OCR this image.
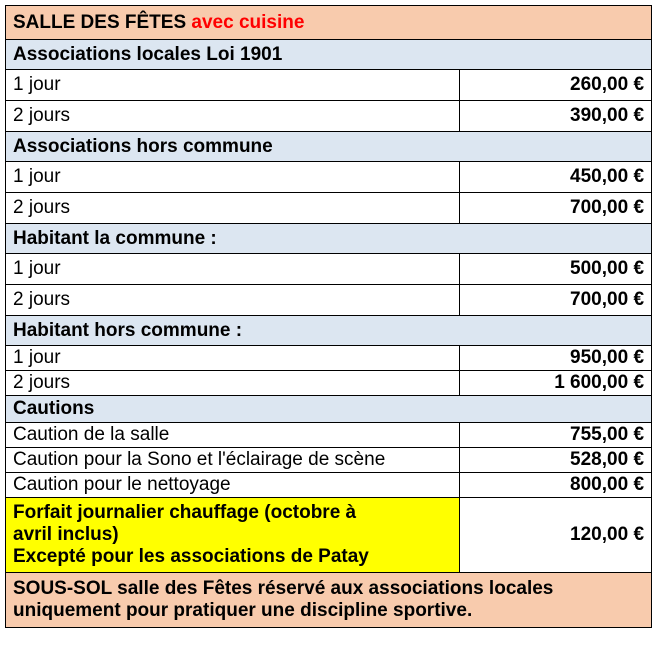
SALLE DES FÊTES avec cuisine	
Associations locales Loi 1901	
1 jour	260,00 €
2 jours	390,00 €
Associations hors commune	
1 jour	450,00 €
2 jours	700,00 €
Habitant la commune :	
1 jour	500,00 €
2 jours	700,00 €
Habitant hors commune :	
1 jour	950,00 €
2 jours	1 600,00 €
Cautions	
Caution de la salle	755,00 €
Caution pour la Sono et l'éclairage de scène	528,00 €
Caution pour le nettoyage	800,00 €

Forfait journalier chauffage (octobre à
avril inclus)
Excepté pour les associations de Patay	120,00 €

SOUS-SOL salle des Fêtes réservé aux associations locales
uniquement pour pratiquer une discipline sportive.	
